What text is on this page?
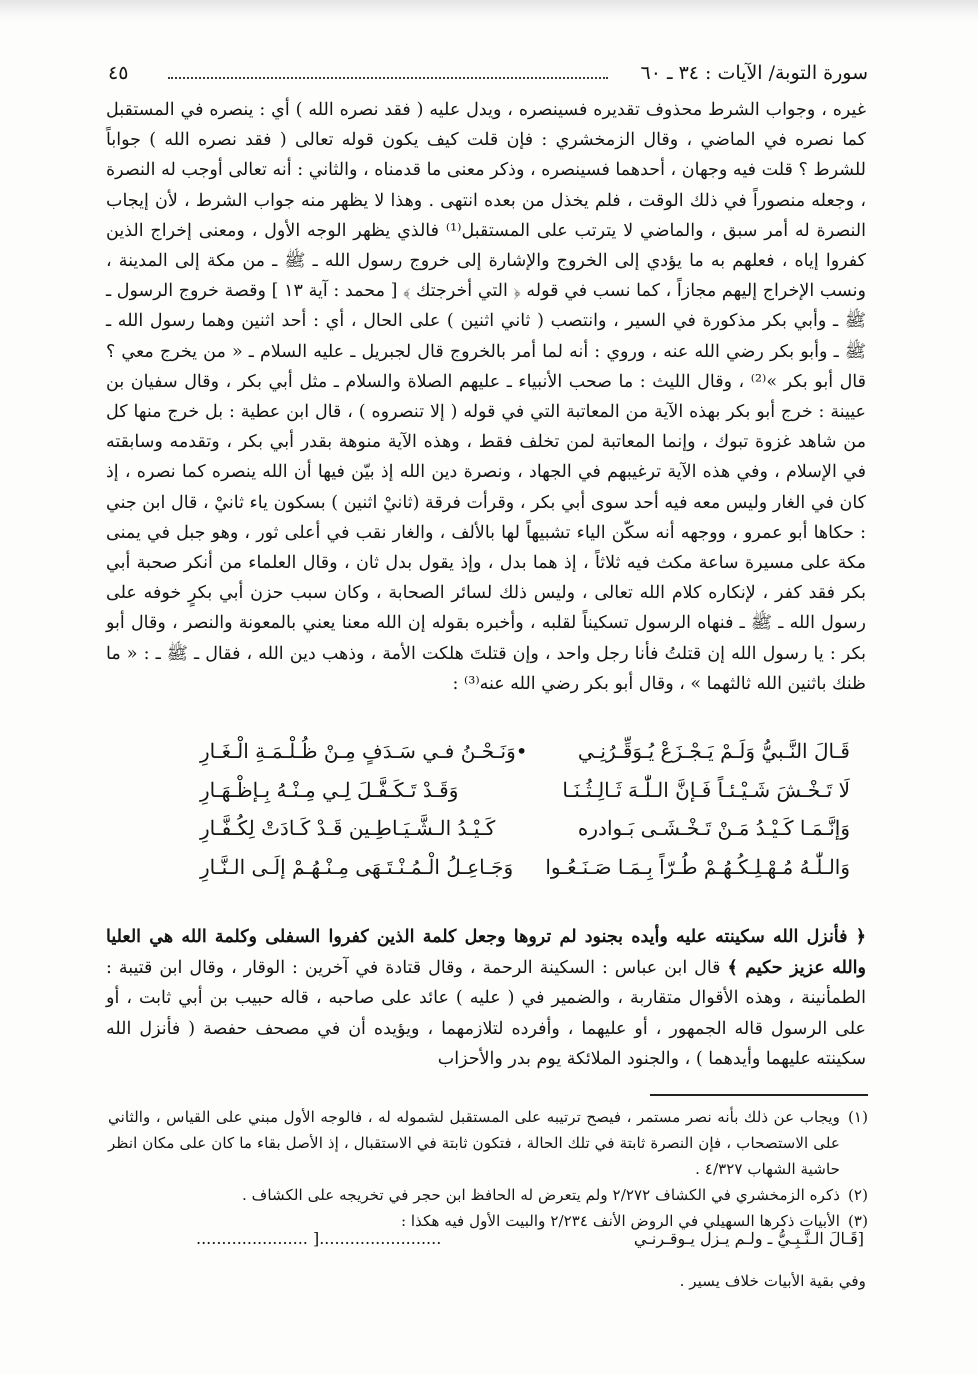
سورة التوبة/ الآيات : ٣٤ ـ ٦٠
٤٥

غيره ، وجواب الشرط محذوف تقديره فسينصره ، ويدل عليه ( فقد نصره الله ) أي : ينصره في المستقبل كما نصره في الماضي ، وقال الزمخشري : فإن قلت كيف يكون قوله تعالى ( فقد نصره الله ) جواباً للشرط ؟ قلت فيه وجهان ، أحدهما فسينصره ، وذكر معنى ما قدمناه ، والثاني : أنه تعالى أوجب له النصرة ، وجعله منصوراً في ذلك الوقت ، فلم يخذل من بعده انتهى . وهذا لا يظهر منه جواب الشرط ، لأن إيجاب النصرة له أمر سبق ، والماضي لا يترتب على المستقبل⁽¹⁾ فالذي يظهر الوجه الأول ، ومعنى إخراج الذين كفروا إياه ، فعلهم به ما يؤدي إلى الخروج والإشارة إلى خروج رسول الله ـ ﷺ ـ من مكة إلى المدينة ، ونسب الإخراج إليهم مجازاً ، كما نسب في قوله ﴿ التي أخرجتك ﴾ [ محمد : آية ١٣ ] وقصة خروج الرسول ـ ﷺ ـ وأبي بكر مذكورة في السير ، وانتصب ( ثاني اثنين ) على الحال ، أي : أحد اثنين وهما رسول الله ـ ﷺ ـ وأبو بكر رضي الله عنه ، وروي : أنه لما أمر بالخروج قال لجبريل ـ عليه السلام ـ « من يخرج معي ؟ قال أبو بكر »⁽²⁾ ، وقال الليث : ما صحب الأنبياء ـ عليهم الصلاة والسلام ـ مثل أبي بكر ، وقال سفيان بن عيينة : خرج أبو بكر بهذه الآية من المعاتبة التي في قوله ( إلا تنصروه ) ، قال ابن عطية : بل خرج منها كل من شاهد غزوة تبوك ، وإنما المعاتبة لمن تخلف فقط ، وهذه الآية منوهة بقدر أبي بكر ، وتقدمه وسابقته في الإسلام ، وفي هذه الآية ترغيبهم في الجهاد ، ونصرة دين الله إذ بيّن فيها أن الله ينصره كما نصره ، إذ كان في الغار وليس معه فيه أحد سوى أبي بكر ، وقرأت فرقة (ثانيْ اثنين ) بسكون ياء ثانيْ ، قال ابن جني : حكاها أبو عمرو ، ووجهه أنه سكّن الياء تشبيهاً لها بالألف ، والغار نقب في أعلى ثور ، وهو جبل في يمنى مكة على مسيرة ساعة مكث فيه ثلاثاً ، إذ هما بدل ، وإذ يقول بدل ثان ، وقال العلماء من أنكر صحبة أبي بكر فقد كفر ، لإنكاره كلام الله تعالى ، وليس ذلك لسائر الصحابة ، وكان سبب حزن أبي بكرٍ خوفه على رسول الله ـ ﷺ ـ فنهاه الرسول تسكيناً لقلبه ، وأخبره بقوله إن الله معنا يعني بالمعونة والنصر ، وقال أبو بكر : يا رسول الله إن قتلتُ فأنا رجل واحد ، وإن قتلتَ هلكت الأمة ، وذهب دين الله ، فقال ـ ﷺ ـ : « ما ظنك باثنين الله ثالثهما » ، وقال أبو بكر رضي الله عنه⁽³⁾ :

قَـالَ النَّـبيُّ وَلَـمْ يَـجْـزَعْ يُـوَقِّـرُنِـي
•وَنَـحْـنُ فـي سَـدَفٍ مِـنْ ظُـلْـمَـةِ الْـغَـارِ
لَا تَـخْـشَ شَـيْـئـاً فَـإنَّ الـلّٰـهَ ثَـالِـثُـنَـا
وَقَـدْ تَـكَـفَّـلَ لِـي مِـنْـهُ بِـإظْـهَـارِ
وَإنَّـمَـا كَـيْـدُ مَـنْ تَـخْـشَـى بَـوادره
كَـيْـدُ الـشَّـيَـاطِـين قَـدْ كَـادَتْ لِكُـفَّـارِ
وَالـلّٰـهُ مُـهْـلِـكُـهُـمْ طُـرّاً بِـمَـا صَـنَـعُـوا
وَجَـاعِـلُ الْـمُـنْـتَـهَى مِـنْـهُـمْ إلَـى الـنَّـارِ

﴿ فأنزل الله سكينته عليه وأيده بجنود لم تروها وجعل كلمة الذين كفروا السفلى وكلمة الله هي العليا والله عزيز حكيم ﴾ قال ابن عباس : السكينة الرحمة ، وقال قتادة في آخرين : الوقار ، وقال ابن قتيبة : الطمأنينة ، وهذه الأقوال متقاربة ، والضمير في ( عليه ) عائد على صاحبه ، قاله حبيب بن أبي ثابت ، أو على الرسول قاله الجمهور ، أو عليهما ، وأفرده لتلازمهما ، ويؤيده أن في مصحف حفصة ( فأنزل الله سكينته عليهما وأيدهما ) ، والجنود الملائكة يوم بدر والأحزاب

(١)
ويجاب عن ذلك بأنه نصر مستمر ، فيصح ترتيبه على المستقبل لشموله له ، فالوجه الأول مبني على القياس ، والثاني على الاستصحاب ، فإن النصرة ثابتة في تلك الحالة ، فتكون ثابتة في الاستقبال ، إذ الأصل بقاء ما كان على مكان انظر حاشية الشهاب ٤/٣٢٧ .
(٢)
ذكره الزمخشري في الكشاف ٢/٢٧٢ ولم يتعرض له الحافظ ابن حجر في تخريجه على الكشاف .
(٣)
الأبيات ذكرها السهيلي في الروض الأنف ٢/٢٣٤ والبيت الأول فيه هكذا :
[قَـالَ الـنَّـبِـيُّ ـ ولـم يـزل يـوقـرنـي
...................... ]........................
وفي بقية الأبيات خلاف يسير .
